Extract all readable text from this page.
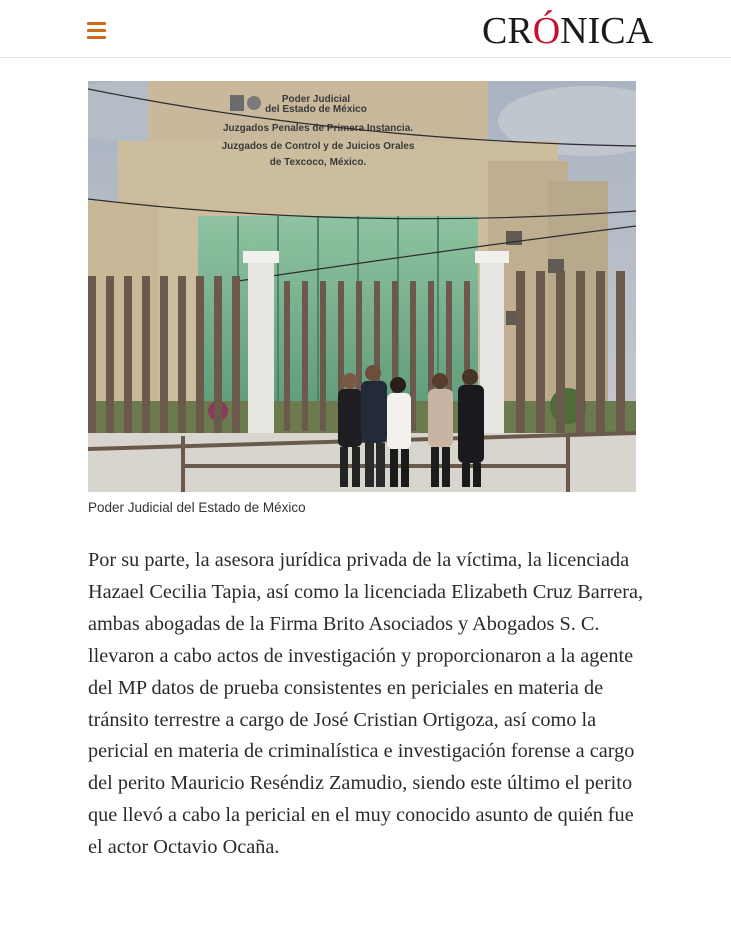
CRÓNICA
Poder Judicial
del Estado de México
Juzgados Penales de Primera Instancia.
Juzgados de Control y de Juicios Orales
de Texcoco, México.

Poder Judicial del Estado de México

Por su parte, la asesora jurídica privada de la víctima, la licenciada Hazael Cecilia Tapia, así como la licenciada Elizabeth Cruz Barrera, ambas abogadas de la Firma Brito Asociados y Abogados S. C. llevaron a cabo actos de investigación y proporcionaron a la agente del MP datos de prueba consistentes en periciales en materia de tránsito terrestre a cargo de José Cristian Ortigoza, así como la pericial en materia de criminalística e investigación forense a cargo del perito Mauricio Reséndiz Zamudio, siendo este último el perito que llevó a cabo la pericial en el muy conocido asunto de quién fue el actor Octavio Ocaña.
